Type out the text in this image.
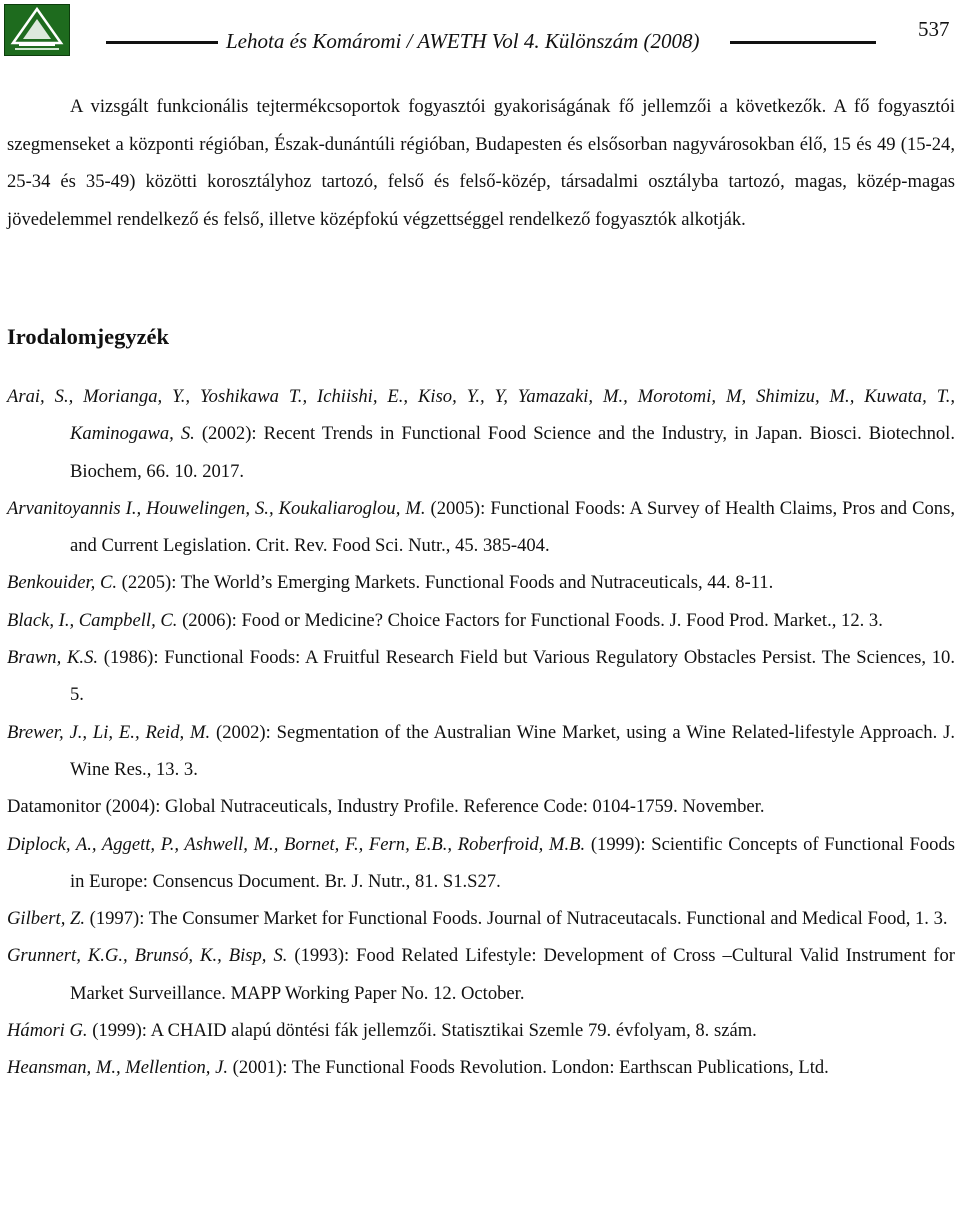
Lehota és Komáromi / AWETH Vol 4. Különszám (2008)	537

A vizsgált funkcionális tejtermékcsoportok fogyasztói gyakoriságának fő jellemzői a következők. A fő fogyasztói szegmenseket a központi régióban, Észak-dunántúli régióban, Budapesten és elsősorban nagyvárosokban élő, 15 és 49 (15-24, 25-34 és 35-49) közötti korosztályhoz tartozó, felső és felső-közép, társadalmi osztályba tartozó, magas, közép-magas jövedelemmel rendelkező és felső, illetve középfokú végzettséggel rendelkező fogyasztók alkotják.

Irodalomjegyzék

Arai, S., Morianga, Y., Yoshikawa T., Ichiishi, E., Kiso, Y., Y, Yamazaki, M., Morotomi, M, Shimizu, M., Kuwata, T., Kaminogawa, S. (2002): Recent Trends in Functional Food Science and the Industry, in Japan. Biosci. Biotechnol. Biochem, 66. 10. 2017.

Arvanitoyannis I., Houwelingen, S., Koukaliaroglou, M. (2005): Functional Foods: A Survey of Health Claims, Pros and Cons, and Current Legislation. Crit. Rev. Food Sci. Nutr., 45. 385-404.

Benkouider, C. (2205): The World’s Emerging Markets. Functional Foods and Nutraceuticals, 44. 8-11.

Black, I., Campbell, C. (2006): Food or Medicine? Choice Factors for Functional Foods. J. Food Prod. Market., 12. 3.

Brawn, K.S. (1986): Functional Foods: A Fruitful Research Field but Various Regulatory Obstacles Persist. The Sciences, 10. 5.

Brewer, J., Li, E., Reid, M. (2002): Segmentation of the Australian Wine Market, using a Wine Related-lifestyle Approach. J. Wine Res., 13. 3.

Datamonitor (2004): Global Nutraceuticals, Industry Profile. Reference Code: 0104-1759. November.

Diplock, A., Aggett, P., Ashwell, M., Bornet, F., Fern, E.B., Roberfroid, M.B. (1999): Scientific Concepts of Functional Foods in Europe: Consencus Document. Br. J. Nutr., 81. S1.S27.

Gilbert, Z. (1997): The Consumer Market for Functional Foods. Journal of Nutraceutacals. Functional and Medical Food, 1. 3.

Grunnert, K.G., Brunsó, K., Bisp, S. (1993): Food Related Lifestyle: Development of Cross –Cultural Valid Instrument for Market Surveillance. MAPP Working Paper No. 12. October.

Hámori G. (1999): A CHAID alapú döntési fák jellemzői. Statisztikai Szemle 79. évfolyam, 8. szám.

Heansman, M., Mellention, J. (2001): The Functional Foods Revolution. London: Earthscan Publications, Ltd.
